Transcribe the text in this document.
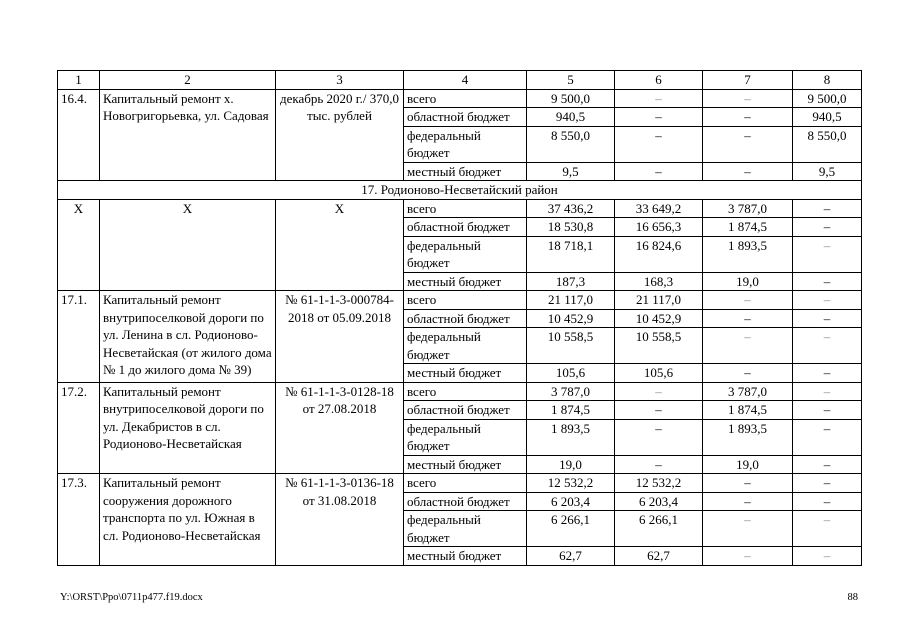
1	2	3	4	5	6	7	8
16.4.	Капитальный ремонт х. Новогригорьевка, ул. Садовая	декабрь 2020 г./ 370,0 тыс. рублей	всего	9 500,0	–	–	9 500,0
			областной бюджет	940,5	–	–	940,5
			федеральный бюджет	8 550,0	–	–	8 550,0
			местный бюджет	9,5	–	–	9,5
17. Родионово-Несветайский район							
Х	Х	Х	всего	37 436,2	33 649,2	3 787,0	–
			областной бюджет	18 530,8	16 656,3	1 874,5	–
			федеральный бюджет	18 718,1	16 824,6	1 893,5	–
			местный бюджет	187,3	168,3	19,0	–
17.1.	Капитальный ремонт внутрипоселковой дороги по ул. Ленина в сл. Родионово-Несветайская (от жилого дома № 1 до жилого дома № 39)	№ 61-1-1-3-000784-2018 от 05.09.2018	всего	21 117,0	21 117,0	–	–
			областной бюджет	10 452,9	10 452,9	–	–
			федеральный бюджет	10 558,5	10 558,5	–	–
			местный бюджет	105,6	105,6	–	–
17.2.	Капитальный ремонт внутрипоселковой дороги по ул. Декабристов в сл. Родионово-Несветайская	№ 61-1-1-3-0128-18 от 27.08.2018	всего	3 787,0	–	3 787,0	–
			областной бюджет	1 874,5	–	1 874,5	–
			федеральный бюджет	1 893,5	–	1 893,5	–
			местный бюджет	19,0	–	19,0	–
17.3.	Капитальный ремонт сооружения дорожного транспорта по ул. Южная в сл. Родионово-Несветайская	№ 61-1-1-3-0136-18 от 31.08.2018	всего	12 532,2	12 532,2	–	–
			областной бюджет	6 203,4	6 203,4	–	–
			федеральный бюджет	6 266,1	6 266,1	–	–
			местный бюджет	62,7	62,7	–	–
Y:\ORST\Ppo\0711p477.f19.docx	88
